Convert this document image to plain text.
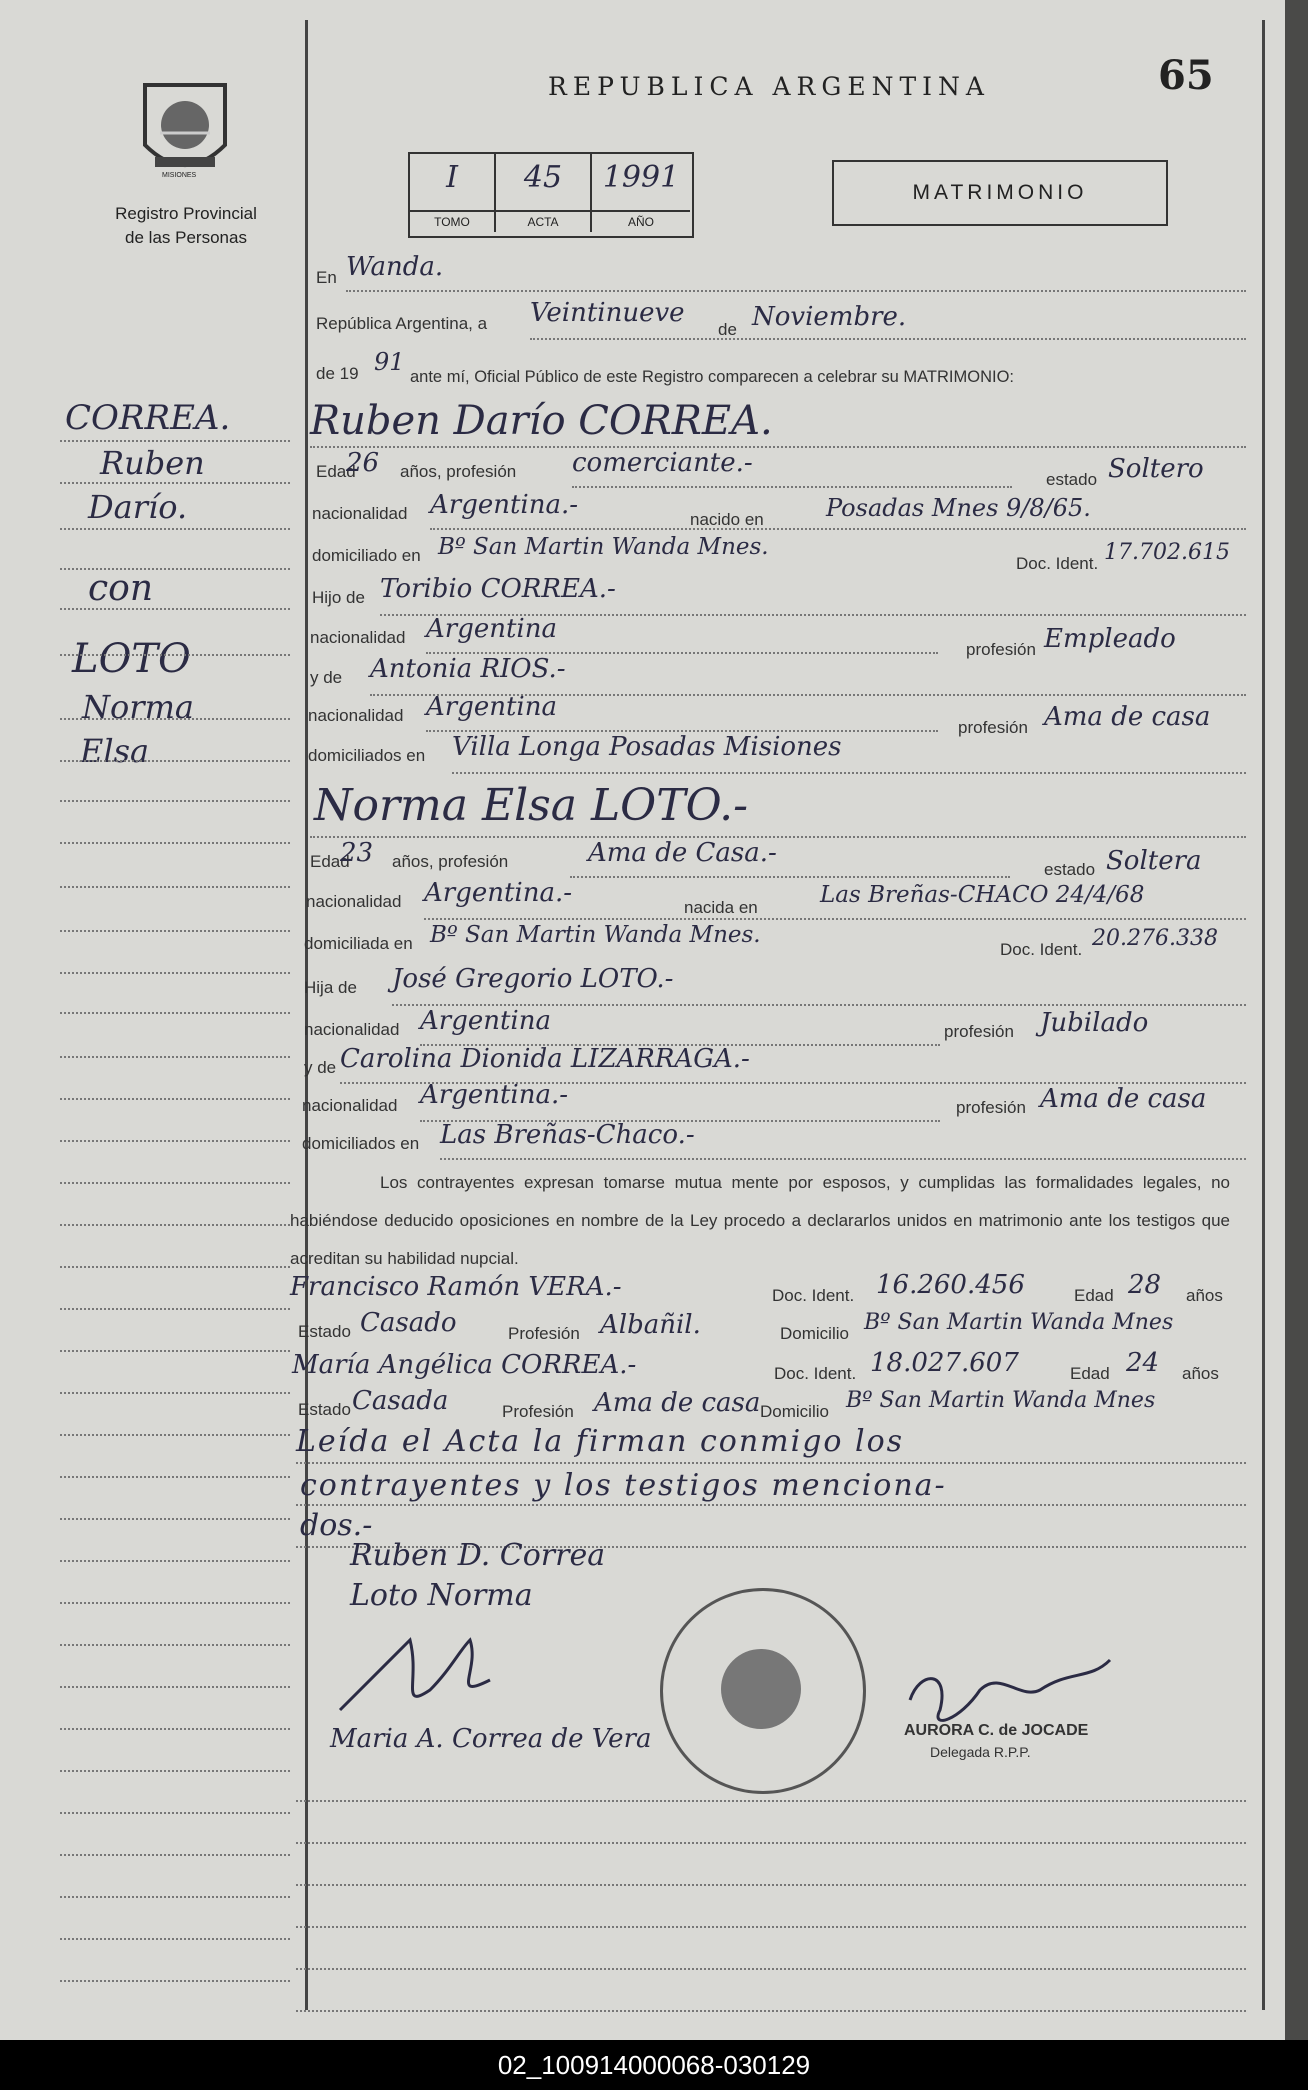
MISIONES
Registro Provincial
de las Personas
REPUBLICA ARGENTINA	65
I
TOMO
45
ACTA
1991
AÑO
MATRIMONIO
CORREA.
Ruben
Darío.
con
LOTO
Norma
Elsa
En Wanda.
República Argentina, a Veintinueve
de Noviembre.
de 19 91
ante mí, Oficial Público de este Registro comparecen a celebrar su MATRIMONIO:
Ruben Darío CORREA.
Edad
26 años, profesión comerciante.-
estado Soltero
nacionalidad Argentina.-	nacido en	Posadas Mnes 9/8/65.
domiciliado en Bº San Martin Wanda Mnes.
Doc. Ident. 17.702.615
Hijo de Toribio CORREA.-
nacionalidad Argentina
profesión Empleado
y de Antonia RIOS.-
nacionalidad Argentina
profesión Ama de casa
domiciliados en Villa Longa Posadas Misiones
Norma Elsa LOTO.-
Edad
23 años, profesión	Ama de Casa.-
estado Soltera
nacionalidad Argentina.-	nacida en	Las Breñas-CHACO 24/4/68
domiciliada en Bº San Martin Wanda Mnes.
Doc. Ident. 20.276.338
Hija de José Gregorio LOTO.-
nacionalidad Argentina	profesión Jubilado
y de Carolina Dionida LIZARRAGA.-
nacionalidad Argentina.-	profesión Ama de casa
domiciliados en Las Breñas-Chaco.-
Los contrayentes expresan tomarse mutua mente por esposos, y cumplidas las formalidades legales, no habiéndose deducido oposiciones en nombre de la Ley procedo a declararlos unidos en matrimonio ante los testigos que acreditan su habilidad nupcial.
Francisco Ramón VERA.-	Doc. Ident. 16.260.456	Edad 28 años
Estado Casado	Profesión Albañil.	Domicilio Bº San Martin Wanda Mnes
María Angélica CORREA.-	Doc. Ident. 18.027.607	Edad 24 años
Estado Casada	Profesión Ama de casa Domicilio Bº San Martin Wanda Mnes
Leída el Acta la firman conmigo los
contrayentes y los testigos menciona-
dos.-
Ruben D. Correa
Loto Norma
Maria A. Correa de Vera	AURORA C. de JOCADE
Delegada R.P.P.
02_100914000068-030129
